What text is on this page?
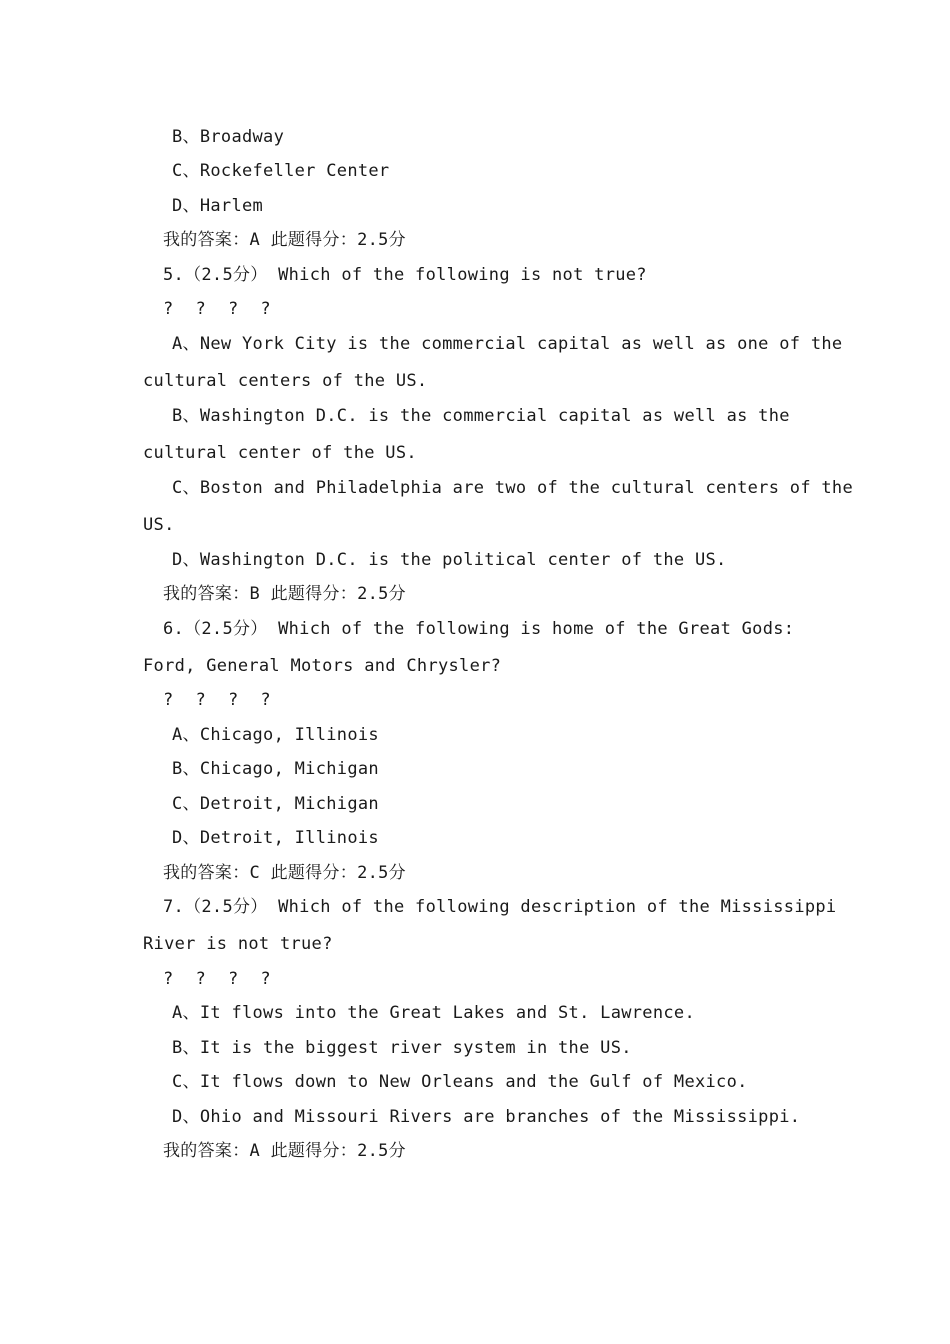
B、Broadway
C、Rockefeller Center
D、Harlem
我的答案：A 此题得分：2.5分
5.（2.5分） Which of the following is not true?
? ? ? ?
A、New York City is the commercial capital as well as one of the
cultural centers of the US.
B、Washington D.C. is the commercial capital as well as the
cultural center of the US.
C、Boston and Philadelphia are two of the cultural centers of the
US.
D、Washington D.C. is the political center of the US.
我的答案：B 此题得分：2.5分
6.（2.5分） Which of the following is home of the Great Gods:
Ford, General Motors and Chrysler?
? ? ? ?
A、Chicago, Illinois
B、Chicago, Michigan
C、Detroit, Michigan
D、Detroit, Illinois
我的答案：C 此题得分：2.5分
7.（2.5分） Which of the following description of the Mississippi
River is not true?
? ? ? ?
A、It flows into the Great Lakes and St. Lawrence.
B、It is the biggest river system in the US.
C、It flows down to New Orleans and the Gulf of Mexico.
D、Ohio and Missouri Rivers are branches of the Mississippi.
我的答案：A 此题得分：2.5分
